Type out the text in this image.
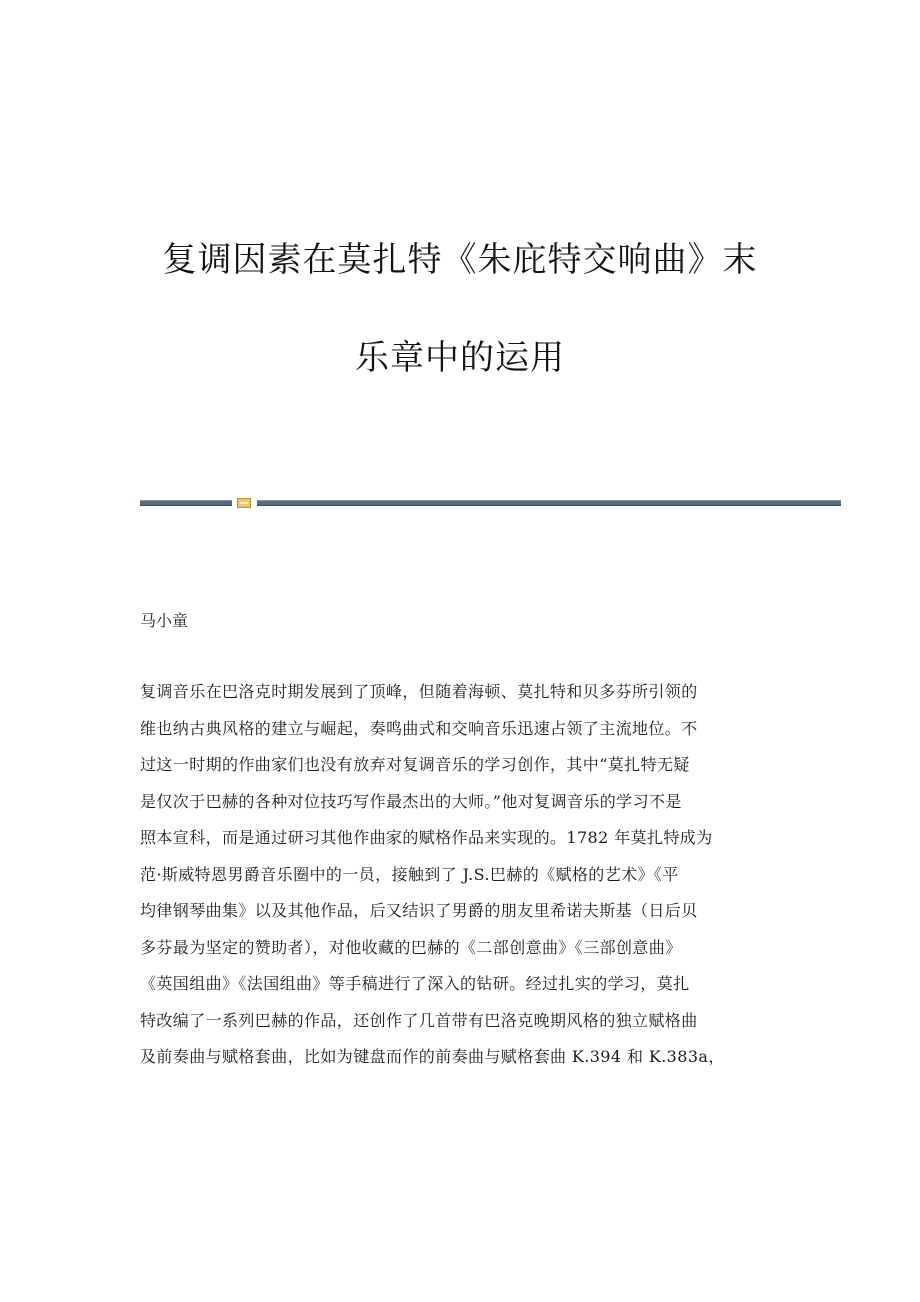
复调因素在莫扎特《朱庇特交响曲》末
乐章中的运用

马小童

复调音乐在巴洛克时期发展到了顶峰，但随着海顿、莫扎特和贝多芬所引领的
维也纳古典风格的建立与崛起，奏鸣曲式和交响音乐迅速占领了主流地位。不
过这一时期的作曲家们也没有放弃对复调音乐的学习创作，其中“莫扎特无疑
是仅次于巴赫的各种对位技巧写作最杰出的大师。”他对复调音乐的学习不是
照本宣科，而是通过研习其他作曲家的赋格作品来实现的。1782 年莫扎特成为
范·斯威特恩男爵音乐圈中的一员，接触到了 J.S.巴赫的《赋格的艺术》《平
均律钢琴曲集》以及其他作品，后又结识了男爵的朋友里希诺夫斯基（日后贝
多芬最为坚定的赞助者），对他收藏的巴赫的《二部创意曲》《三部创意曲》
《英国组曲》《法国组曲》等手稿进行了深入的钻研。经过扎实的学习，莫扎
特改编了一系列巴赫的作品，还创作了几首带有巴洛克晚期风格的独立赋格曲
及前奏曲与赋格套曲，比如为键盘而作的前奏曲与赋格套曲 K.394 和 K.383a，
